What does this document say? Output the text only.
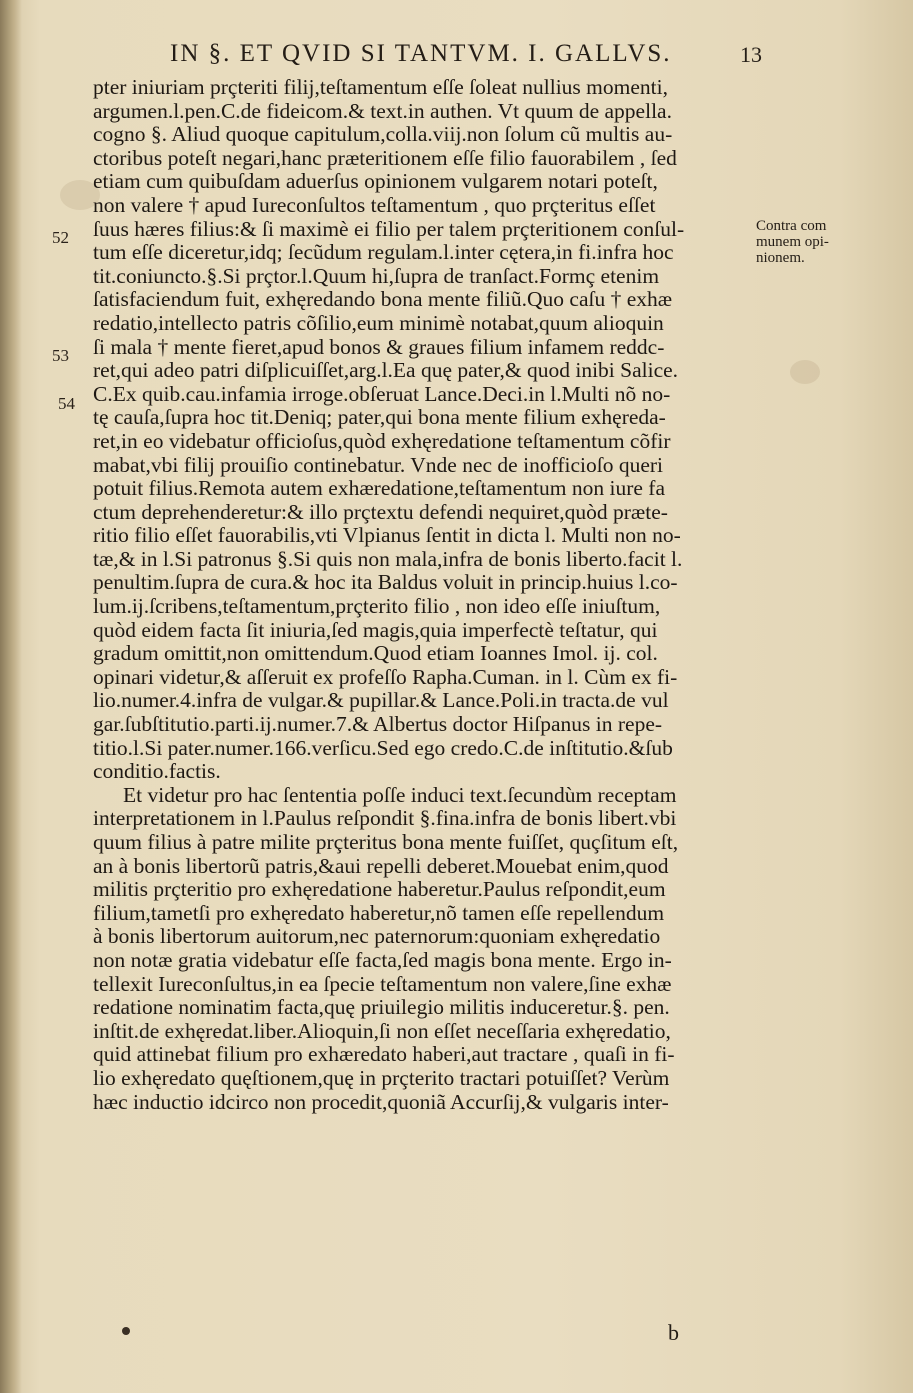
IN §. ET QVID SI TANTVM. I. GALLVS.	13
52
53
54
Contra com
munem opi-
nionem.
pter iniuriam prçteriti filij,teſtamentum eſſe ſoleat nullius momenti,
argumen.l.pen.C.de fideicom.& text.in authen. Vt quum de appella.
cogno §. Aliud quoque capitulum,colla.viij.non ſolum cũ multis au-
ctoribus poteſt negari,hanc præteritionem eſſe filio fauorabilem , ſed
etiam cum quibuſdam aduerſus opinionem vulgarem notari poteſt,
non valere † apud Iureconſultos teſtamentum , quo prçteritus eſſet
ſuus hæres filius:& ſi maximè ei filio per talem prçteritionem conſul-
tum eſſe diceretur,idq; ſecũdum regulam.l.inter cętera,in fi.infra hoc
tit.coniuncto.§.Si prçtor.l.Quum hi,ſupra de tranſact.Formç etenim
ſatisfaciendum fuit, exhęredando bona mente filiũ.Quo caſu † exhæ
redatio,intellecto patris cõſilio,eum minimè notabat,quum alioquin
ſi mala † mente fieret,apud bonos & graues filium infamem reddc-
ret,qui adeo patri diſplicuiſſet,arg.l.Ea quę pater,& quod inibi Salice.
C.Ex quib.cau.infamia irroge.obſeruat Lance.Deci.in l.Multi nõ no-
tę cauſa,ſupra hoc tit.Deniq; pater,qui bona mente filium exhęreda-
ret,in eo videbatur officioſus,quòd exhęredatione teſtamentum cõfir
mabat,vbi filij prouiſio continebatur. Vnde nec de inofficioſo queri
potuit filius.Remota autem exhæredatione,teſtamentum non iure fa
ctum deprehenderetur:& illo prçtextu defendi nequiret,quòd præte-
ritio filio eſſet fauorabilis,vti Vlpianus ſentit in dicta l. Multi non no-
tæ,& in l.Si patronus §.Si quis non mala,infra de bonis liberto.facit l.
penultim.ſupra de cura.& hoc ita Baldus voluit in princip.huius l.co-
lum.ij.ſcribens,teſtamentum,prçterito filio , non ideo eſſe iniuſtum,
quòd eidem facta ſit iniuria,ſed magis,quia imperfectè teſtatur, qui
gradum omittit,non omittendum.Quod etiam Ioannes Imol. ij. col.
opinari videtur,& aſſeruit ex profeſſo Rapha.Cuman. in l. Cùm ex fi-
lio.numer.4.infra de vulgar.& pupillar.& Lance.Poli.in tracta.de vul
gar.ſubſtitutio.parti.ij.numer.7.& Albertus doctor Hiſpanus in repe-
titio.l.Si pater.numer.166.verſicu.Sed ego credo.C.de inſtitutio.&ſub
conditio.factis.
Et videtur pro hac ſententia poſſe induci text.ſecundùm receptam
interpretationem in l.Paulus reſpondit §.fina.infra de bonis libert.vbi
quum filius à patre milite prçteritus bona mente fuiſſet, quçſitum eſt,
an à bonis libertorũ patris,&aui repelli deberet.Mouebat enim,quod
militis prçteritio pro exhęredatione haberetur.Paulus reſpondit,eum
filium,tametſi pro exhęredato haberetur,nõ tamen eſſe repellendum
à bonis libertorum auitorum,nec paternorum:quoniam exhęredatio
non notæ gratia videbatur eſſe facta,ſed magis bona mente. Ergo in-
tellexit Iureconſultus,in ea ſpecie teſtamentum non valere,ſine exhæ
redatione nominatim facta,quę priuilegio militis induceretur.§. pen.
inſtit.de exhęredat.liber.Alioquin,ſi non eſſet neceſſaria exhęredatio,
quid attinebat filium pro exhæredato haberi,aut tractare , quaſi in fi-
lio exhęredato quęſtionem,quę in prçterito tractari potuiſſet? Verùm
hæc inductio idcirco non procedit,quoniã Accurſij,& vulgaris inter-
b
